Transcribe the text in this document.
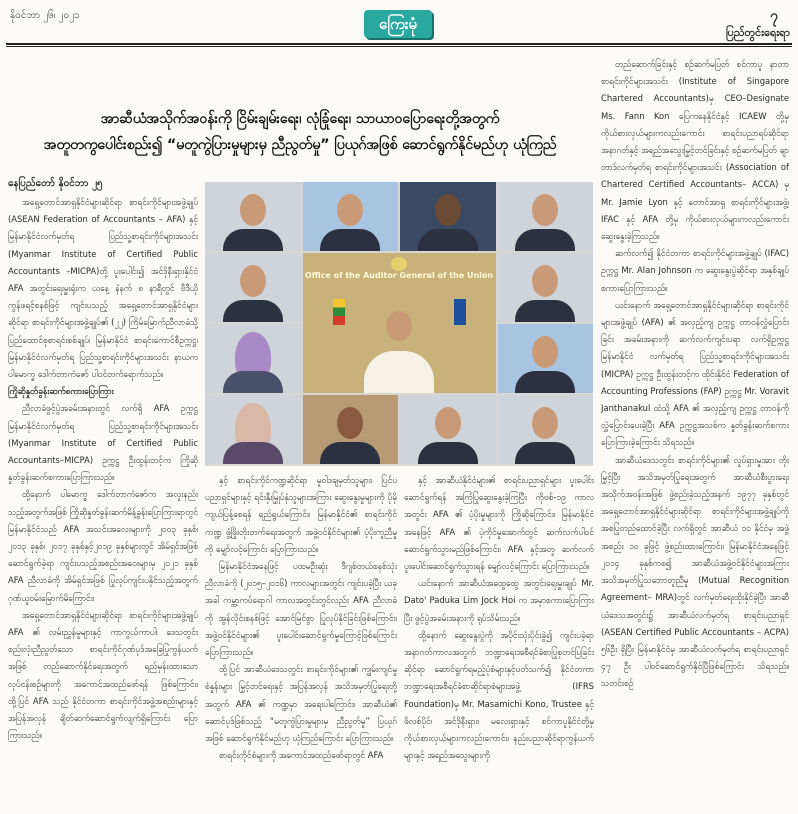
နိုဝင်ဘာ ၂၆၊ ၂၀၂၁	ကြေးမုံ	၇
ပြည်တွင်းရေးရာ
အာဆီယံအသိုက်အဝန်းကို ငြိမ်းချမ်းရေး၊ လုံခြုံရေး၊ သာယာဝပြောရေးတို့အတွက်
အတူတကွပေါင်းစည်း၍ “မတူကွဲပြားမှုများမှ ညီညွတ်မှု” ပြယုဂ်အဖြစ် ဆောင်ရွက်နိုင်မည်ဟု ယုံကြည်
နေပြည်တော် နိုဝင်ဘာ ၂၅

အရှေ့တောင်အာရှနိုင်ငံများဆိုင်ရာ စာရင်းကိုင်များအဖွဲ့ချုပ် (ASEAN Federation of Accountants – AFA) နှင့် မြန်မာနိုင်ငံလက်မှတ်ရ ပြည်သူ့စာရင်းကိုင်များအသင်း (Myanmar Institute of Certified Public Accountants –MICPA)တို့ ပူးပေါင်း၍ အင်ဒိုနီးရှားနိုင်ငံ AFA အတွင်းရေးမှူးရုံးက ယနေ့ နံနက် ၈ နာရီတွင် ဗီဒီယိုကွန်ဖရင့်စနစ်ဖြင့် ကျင်းပသည့် အရှေ့တောင်အာရှနိုင်ငံများဆိုင်ရာ စာရင်းကိုင်များအဖွဲ့ချုပ်၏ (၂၂) ကြိမ်မြောက်ညီလာခံသို့ ပြည်ထောင်စုစာရင်းစစ်ချုပ်၊ မြန်မာနိုင်ငံ စာရင်းကောင်စီဥက္ကဋ္ဌ၊ မြန်မာနိုင်ငံလက်မှတ်ရ ပြည်သူ့စာရင်းကိုင်များအသင်း နာယက ပါမောက္ခ ဒေါက်တာကံဇော် ပါဝင်တက်ရောက်သည်။

ကြိုဆိုနှုတ်ခွန်းဆက်စကားပြောကြား

ညီလာခံဖွင့်ပွဲအခမ်းအနားတွင် လက်ရှိ AFA ဥက္ကဋ္ဌ မြန်မာနိုင်ငံလက်မှတ်ရ ပြည်သူ့စာရင်းကိုင်များအသင်း (Myanmar Institute of Certified Public Accountants–MICPA) ဥက္ကဋ္ဌ ဦးထွန်းတင့်က ကြိုဆိုနှုတ်ခွန်းဆက်စကားပြောကြားသည်။

ထို့နောက် ပါမောက္ခ ဒေါက်တာကံဇော်က အလူးနည်းသည့်အတွက်အဖြစ် ကြိုဆိုနှုတ်ခွန်းဆက်မိန့်ခွန်းပြောကြားရာတွင် မြန်မာနိုင်ငံသည် AFA အသင်းအလေးများကို ၂၀၀၃ ခုနှစ်၊ ၂၀၁၃ ခုနှစ်၊ ၂၀၁၇ ခုနှစ်နှင့်၂၀၁၉ ခုနှစ်များတွင် အိမ်ရှင်အဖြစ် ဆောင်ရွက်ခဲ့ရာ ကျင်းပသည့်အစည်းအဝေးများမှ ၂၀၂၁ ခုနှစ် AFA ညီလာခံကို အိမ်ရှင်အဖြစ် ပြုလုပ်ကျင်းပနိုင်သည့်အတွက် ဂုဏ်ယူဝမ်းမြောက်မိကြောင်း၊

အရှေ့တောင်အာရှနိုင်ငံများဆိုင်ရာ စာရင်းကိုင်များအဖွဲ့ချုပ် AFA ၏ လမ်းညွှန်မှုများနှင့် ကာကွယ်ကာပါ၊ ဒေသတွင်း စည်းလုံးညီညွတ်သော စာရင်းကိုင်ဂုဏ်ပုဒ်အခြေပြုကွန်ယက်အဖြစ် တည်ဆောက်နိုင်ရေးအတွက် ရည်မှန်းထားသော လုပ်ငန်းစဉ်များကို အကောင်အထည်ဖော်ရန် ဖြစ်ကြောင်း၊ ထို့ပြင် AFA သည် နိုင်ငံတကာ စာရင်းကိုင်အဖွဲ့အစည်းများနှင့် အပြန်အလှန် ချိတ်ဆက်ဆောင်ရွက်လျက်ရှိကြောင်း ပြောကြားသည်။

Office of the Auditor General of the Union

နှင့် စာရင်းကိုင်ကဏ္ဍဆိုင်ရာ မူဝါဒချမှတ်သူများ၊ ပြင်ပ ပညာရှင်များနှင့် ရင်းနှီးမြှုပ်နှံသူများအကြား ဆွေးနွေးမှုများကို ပိုမိုကျယ်ပြန့်စေရန် ရည်ရွယ်ကြောင်း၊ မြန်မာနိုင်ငံ၏ စာရင်းကိုင်ကဏ္ဍ ဖွံ့ဖြိုးတိုးတက်ရေးအတွက် အဖွဲ့ဝင်နိုင်ငံများ၏ ပံ့ပိုးကူညီမှုကို မျှော်လင့်ကြောင်း ပြောကြားသည်။

မြန်မာနိုင်ငံအနေဖြင့် ပထမဦးဆုံး ဒီဂျစ်တယ်စနစ်သုံး ညီလာခံကို (၂၀၁၅–၂၀၁၆) ကာလများအတွင်း ကျင်းပခဲ့ပြီး ယခုအခါ ကမ္ဘာ့ကပ်ရောဂါ ကာလအတွင်းတွင်လည်း AFA ညီလာခံကို အွန်လိုင်းစနစ်ဖြင့် အောင်မြင်စွာ ပြုလုပ်နိုင်ခြင်းဖြစ်ကြောင်း၊ အဖွဲ့ဝင်နိုင်ငံများ၏ ပူးပေါင်းဆောင်ရွက်မှုကြောင့်ဖြစ်ကြောင်း ပြောကြားသည်။

ထို့ပြင် အာဆီယံဒေသတွင်း စာရင်းကိုင်များ၏ ကျွမ်းကျင်မှုစံနှုန်းများ မြှင့်တင်ရေးနှင့် အပြန်အလှန် အသိအမှတ်ပြုရေးတို့အတွက် AFA ၏ ကဏ္ဍမှာ အရေးပါကြောင်း၊ အာဆီယံ၏ ဆောင်ပုဒ်ဖြစ်သည့် “မတူကွဲပြားမှုများမှ ညီညွတ်မှု” ပြယုဂ်အဖြစ် ဆောင်ရွက်နိုင်မည်ဟု ယုံကြည်ကြောင်း ပြောကြားသည်။

စာရင်းကိုင်စံများကို အကောင်အထည်ဖော်ရာတွင် AFA

နှင့် အာဆီယံနိုင်ငံများ၏ စာရင်းပညာရှင်များ ပူးပေါင်းဆောင်ရွက်ရန် အကြံပြုဆွေးနွေးခဲ့ကြပြီး ကိုဗစ်-၁၉ ကာလအတွင်း AFA ၏ ပံ့ပိုးမှုများကို ကြိုဆိုကြောင်း၊ မြန်မာနိုင်ငံအနေဖြင့် AFA ၏ ပဲ့ကိုင်မှုအောက်တွင် ဆက်လက်ပါဝင်ဆောင်ရွက်သွားမည်ဖြစ်ကြောင်း၊ AFA နှင့်အတူ ဆက်လက်ပူးပေါင်းဆောင်ရွက်သွားရန် မျှော်လင့်ကြောင်း ပြောကြားသည်။

ယင်းနောက် အာဆီယံအထွေထွေ အတွင်းရေးမှူးချုပ် Mr. Dato' Paduka Lim Jock Hoi က အမှာစကားပြောကြားပြီး ဖွင့်ပွဲအခမ်းအနားကို ရုပ်သိမ်းသည်။

ထို့နောက် ဆွေးနွေးပွဲကို အပိုင်းသုံးပိုင်းခွဲ၍ ကျင်းပခဲ့ရာ အနာဂတ်ကာလအတွက် ဘဏ္ဍာရေးအစီရင်ခံစာပြုစုတင်ပြခြင်းဆိုင်ရာ ဆောင်ရွက်ရမည့်ပုံစံများနှင့်ပတ်သက်၍ နိုင်ငံတကာ ဘဏ္ဍာရေးအစီရင်ခံစာဆိုင်ရာစံများအဖွဲ့ (IFRS Foundation)မှ Mr. Masamichi Kono, Trustee နှင့် ဖိလစ်ပိုင်၊ အင်ဒိုနီးရှား၊ မလေးရှားနှင့် စင်ကာပူနိုင်ငံတို့မှ ကိုယ်စားလှယ်များကလည်းကောင်း၊ နည်းပညာဆိုင်ရာကွန်ယက်များနှင့် အရည်အသွေးများကို

တည်ဆောက်ခြင်းနှင့် စဉ်ဆက်မပြတ် စင်ကာပူ နာတာ စာရင်းကိုင်များအသင်း (Institute of Singapore Chartered Accountants)မှ CEO–Designate Ms. Fann Kon ပြေကနေနိုင်ငံနှင့် ICAEW တို့မှ ကိုယ်စားလှယ်များကလည်းကောင်း စာရင်းပညာရပ်ဆိုင်ရာ အနာဂတ်နှင့် အရည်အသွေးမြှင့်တင်ခြင်းနှင့် စဉ်ဆက်မပြတ် ချာတာဒ်လက်မှတ်ရ စာရင်းကိုင်များအသင်း (Association of Chartered Certified Accountants– ACCA) မှ Mr. Jamie Lyon နှင့် တောင်အာရှ စာရင်းကိုင်များအဖွဲ့၊ IFAC နှင့် AFA တို့မှ ကိုယ်စားလှယ်များကလည်းကောင်း ဆွေးနွေးခဲ့ကြသည်။

ဆက်လက်၍ နိုင်ငံတကာ စာရင်းကိုင်များအဖွဲ့ချုပ် (IFAC) ဥက္ကဋ္ဌ Mr. Alan Johnson က ဆွေးနွေးပွဲဆိုင်ရာ အနှစ်ချုပ်စကားပြောကြားသည်။

ယင်းနောက် အရှေ့တောင်အာရှနိုင်ငံများဆိုင်ရာ စာရင်းကိုင်များအဖွဲ့ချုပ် (AFA) ၏ အလှည့်ကျ ဥက္ကဋ္ဌ တာဝန်လွှဲပြောင်းခြင်း အခမ်းအနားကို ဆက်လက်ကျင်းပရာ လက်ရှိဥက္ကဋ္ဌ မြန်မာနိုင်ငံ လက်မှတ်ရ ပြည်သူ့စာရင်းကိုင်များအသင်း (MICPA) ဥက္ကဋ္ဌ ဦးထွန်းတင့်က ထိုင်းနိုင်ငံ Federation of Accounting Professions (FAP) ဥက္ကဋ္ဌ Mr. Voravit Janthanakul ထံသို့ AFA ၏ အလှည့်ကျ ဥက္ကဋ္ဌ တာဝန်ကို လွှဲပြောင်းပေးခဲ့ပြီး AFA ဥက္ကဋ္ဌအသစ်က နှုတ်ခွန်းဆက်စကား ပြောကြားခဲ့ကြောင်း သိရသည်။

အာဆီယံဒေသတွင်း စာရင်းကိုင်များ၏ လှုပ်ရှားမှုအား တိုးမြှင့်ပြီး အသိအမှတ်ပြုရေးအတွက် အာဆီယံစီးပွားရေးအသိုက်အဝန်းအဖြစ် ဖွဲ့စည်းခဲ့သည့်အနက် ၁၉၇၇ ခုနှစ်တွင် အရှေ့တောင်အာရှနိုင်ငံများဆိုင်ရာ စာရင်းကိုင်များအဖွဲ့ချုပ်ကို အစပြုတည်ထောင်ခဲ့ပြီး လက်ရှိတွင် အာဆီယံ ၁၀ နိုင်ငံမှ အဖွဲ့အစည်း ၁၀ ခုဖြင့် ဖွဲ့စည်းထားကြောင်း၊ မြန်မာနိုင်ငံအနေဖြင့် ၂၀၁၄ ခုနှစ်ကစ၍ အာဆီယံအဖွဲ့ဝင်နိုင်ငံများအကြား အသိအမှတ်ပြုသဘောတူညီမှု (Mutual Recognition Agreement– MRA)တွင် လက်မှတ်ရေးထိုးနိုင်ခဲ့ပြီး အာဆီယံဒေသအတွင်း၌ အာဆီယံလက်မှတ်ရ စာရင်းပညာရှင် (ASEAN Certified Public Accountants – ACPA) ၅၆ဦး ရှိပြီး မြန်မာနိုင်ငံမှ အာဆီယံလက်မှတ်ရ စာရင်းပညာရှင် ၄၇ ဦး ပါဝင်ဆောင်ရွက်နိုင်ပြီဖြစ်ကြောင်း သိရသည်။ သတင်းစဉ်
